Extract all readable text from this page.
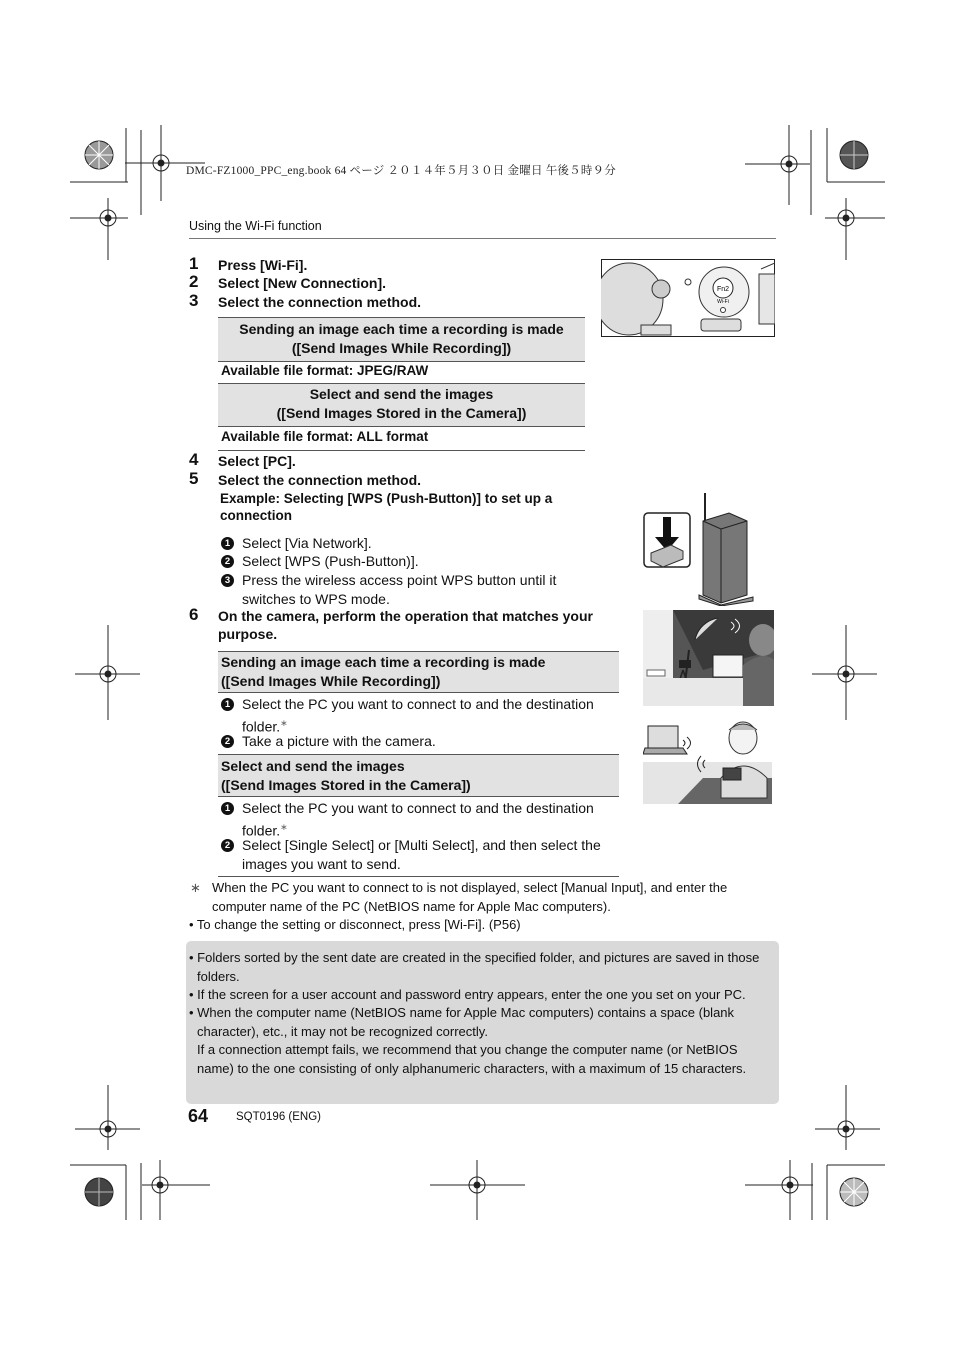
DMC-FZ1000_PPC_eng.book 64 ページ ２０１４年５月３０日 金曜日 午後５時９分
Using the Wi-Fi function
1 Press [Wi-Fi].
2 Select [New Connection].
3 Select the connection method.
Fn2
Wi-Fi
Sending an image each time a recording is made
([Send Images While Recording])
Available file format: JPEG/RAW
Select and send the images
([Send Images Stored in the Camera])
Available file format: ALL format
4 Select [PC].
5 Select the connection method.
Example: Selecting [WPS (Push-Button)] to set up a connection
1 Select [Via Network].
2 Select [WPS (Push-Button)].
3 Press the wireless access point WPS button until it switches to WPS mode.
6 On the camera, perform the operation that matches your purpose.
Sending an image each time a recording is made
([Send Images While Recording])
1 Select the PC you want to connect to and the destination folder.∗
2 Take a picture with the camera.
Select and send the images
([Send Images Stored in the Camera])
1 Select the PC you want to connect to and the destination folder.∗
2 Select [Single Select] or [Multi Select], and then select the images you want to send.
∗ When the PC you want to connect to is not displayed, select [Manual Input], and enter the computer name of the PC (NetBIOS name for Apple Mac computers).
• To change the setting or disconnect, press [Wi-Fi]. (P56)
• Folders sorted by the sent date are created in the specified folder, and pictures are saved in those folders.
• If the screen for a user account and password entry appears, enter the one you set on your PC.
• When the computer name (NetBIOS name for Apple Mac computers) contains a space (blank character), etc., it may not be recognized correctly.
If a connection attempt fails, we recommend that you change the computer name (or NetBIOS name) to the one consisting of only alphanumeric characters, with a maximum of 15 characters.
64 SQT0196 (ENG)
